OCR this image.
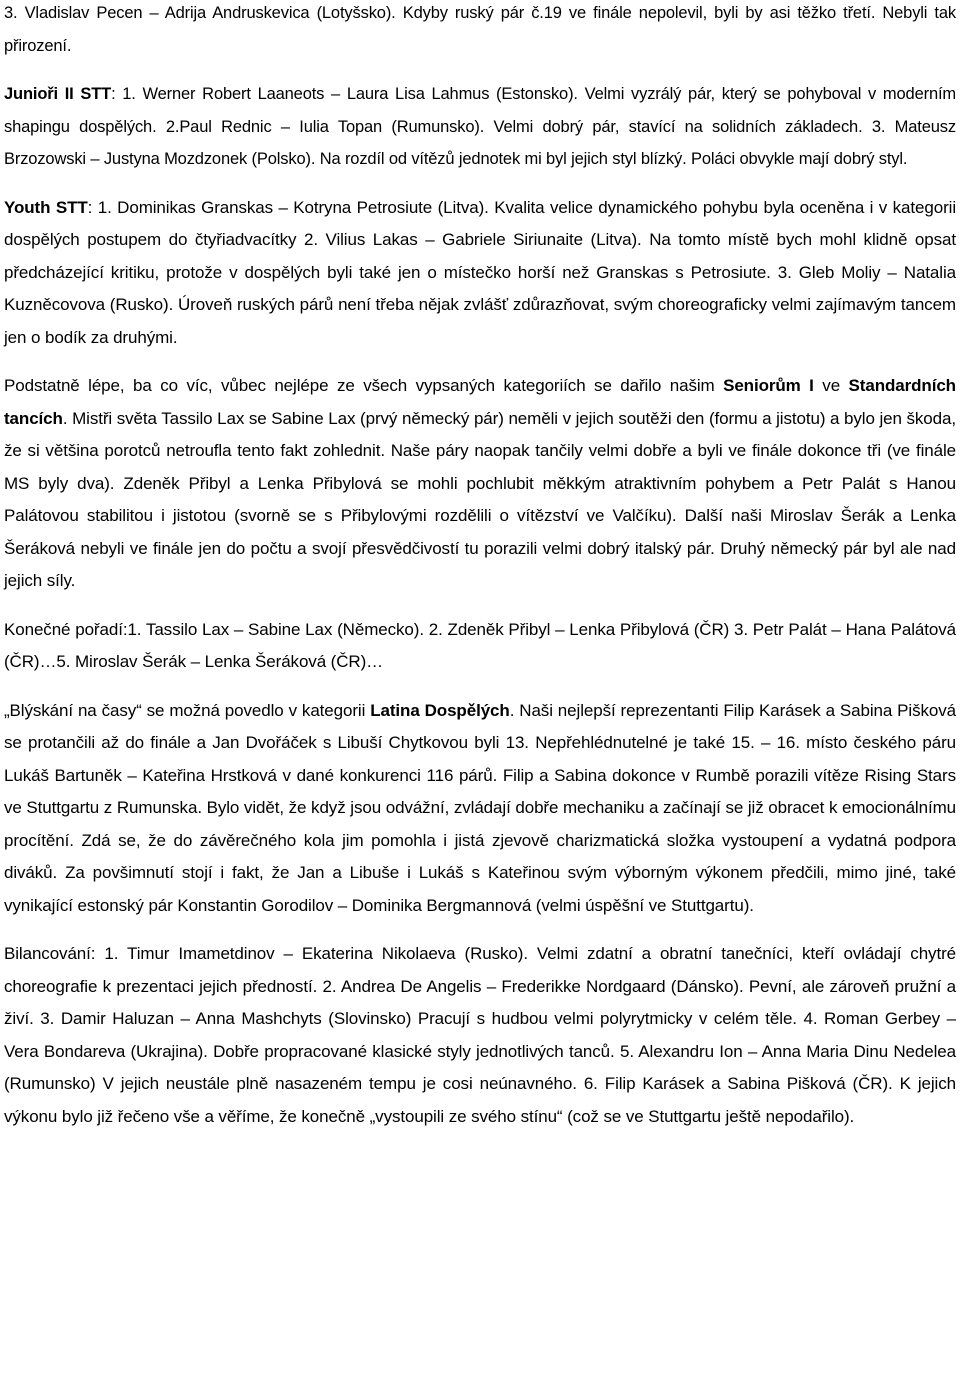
3. Vladislav Pecen – Adrija Andruskevica (Lotyšsko). Kdyby ruský pár č.19 ve finále nepolevil, byli by asi těžko třetí. Nebyli tak přirození.

Junioři II STT: 1. Werner Robert Laaneots – Laura Lisa Lahmus (Estonsko). Velmi vyzrálý pár, který se pohyboval v moderním shapingu dospělých. 2.Paul Rednic – Iulia Topan (Rumunsko). Velmi dobrý pár, stavící na solidních základech. 3. Mateusz Brzozowski – Justyna Mozdzonek (Polsko). Na rozdíl od vítězů jednotek mi byl jejich styl blízký. Poláci obvykle mají dobrý styl.

Youth STT: 1. Dominikas Granskas – Kotryna Petrosiute (Litva). Kvalita velice dynamického pohybu byla oceněna i v kategorii dospělých postupem do čtyřiadvacítky 2. Vilius Lakas – Gabriele Siriunaite (Litva). Na tomto místě bych mohl klidně opsat předcházející kritiku, protože v dospělých byli také jen o místečko horší než Granskas s Petrosiute. 3. Gleb Moliy – Natalia Kuzněcovova (Rusko). Úroveň ruských párů není třeba nějak zvlášť zdůrazňovat, svým choreograficky velmi zajímavým tancem jen o bodík za druhými.

Podstatně lépe, ba co víc, vůbec nejlépe ze všech vypsaných kategoriích se dařilo našim Seniorům I ve Standardních tancích. Mistři světa Tassilo Lax se Sabine Lax (prvý německý pár) neměli v jejich soutěži den (formu a jistotu) a bylo jen škoda, že si většina porotců netroufla tento fakt zohlednit. Naše páry naopak tančily velmi dobře a byli ve finále dokonce tři (ve finále MS byly dva). Zdeněk Přibyl a Lenka Přibylová se mohli pochlubit měkkým atraktivním pohybem a Petr Palát s Hanou Palátovou stabilitou i jistotou (svorně se s Přibylovými rozdělili o vítězství ve Valčíku). Další naši Miroslav Šerák a Lenka Šeráková nebyli ve finále jen do počtu a svojí přesvědčivostí tu porazili velmi dobrý italský pár. Druhý německý pár byl ale nad jejich síly.

Konečné pořadí:1. Tassilo Lax – Sabine Lax (Německo). 2. Zdeněk Přibyl – Lenka Přibylová (ČR) 3. Petr Palát – Hana Palátová (ČR)…5. Miroslav Šerák – Lenka Šeráková (ČR)…

„Blýskání na časy“ se možná povedlo v kategorii Latina Dospělých. Naši nejlepší reprezentanti Filip Karásek a Sabina Pišková se protančili až do finále a Jan Dvořáček s Libuší Chytkovou byli 13. Nepřehlédnutelné je také 15. – 16. místo českého páru Lukáš Bartuněk – Kateřina Hrstková v dané konkurenci 116 párů. Filip a Sabina dokonce v Rumbě porazili vítěze Rising Stars ve Stuttgartu z Rumunska. Bylo vidět, že když jsou odvážní, zvládají dobře mechaniku a začínají se již obracet k emocionálnímu procítění. Zdá se, že do závěrečného kola jim pomohla i jistá zjevově charizmatická složka vystoupení a vydatná podpora diváků. Za povšimnutí stojí i fakt, že Jan a Libuše i Lukáš s Kateřinou svým výborným výkonem předčili, mimo jiné, také vynikající estonský pár Konstantin Gorodilov – Dominika Bergmannová (velmi úspěšní ve Stuttgartu).

Bilancování: 1. Timur Imametdinov – Ekaterina Nikolaeva (Rusko). Velmi zdatní a obratní tanečníci, kteří ovládají chytré choreografie k prezentaci jejich předností. 2. Andrea De Angelis – Frederikke Nordgaard (Dánsko). Pevní, ale zároveň pružní a živí. 3. Damir Haluzan – Anna Mashchyts (Slovinsko) Pracují s hudbou velmi polyrytmicky v celém těle. 4. Roman Gerbey – Vera Bondareva (Ukrajina). Dobře propracované klasické styly jednotlivých tanců. 5. Alexandru Ion – Anna Maria Dinu Nedelea (Rumunsko) V jejich neustále plně nasazeném tempu je cosi neúnavného. 6. Filip Karásek a Sabina Pišková (ČR). K jejich výkonu bylo již řečeno vše a věříme, že konečně „vystoupili ze svého stínu“ (což se ve Stuttgartu ještě nepodařilo).
